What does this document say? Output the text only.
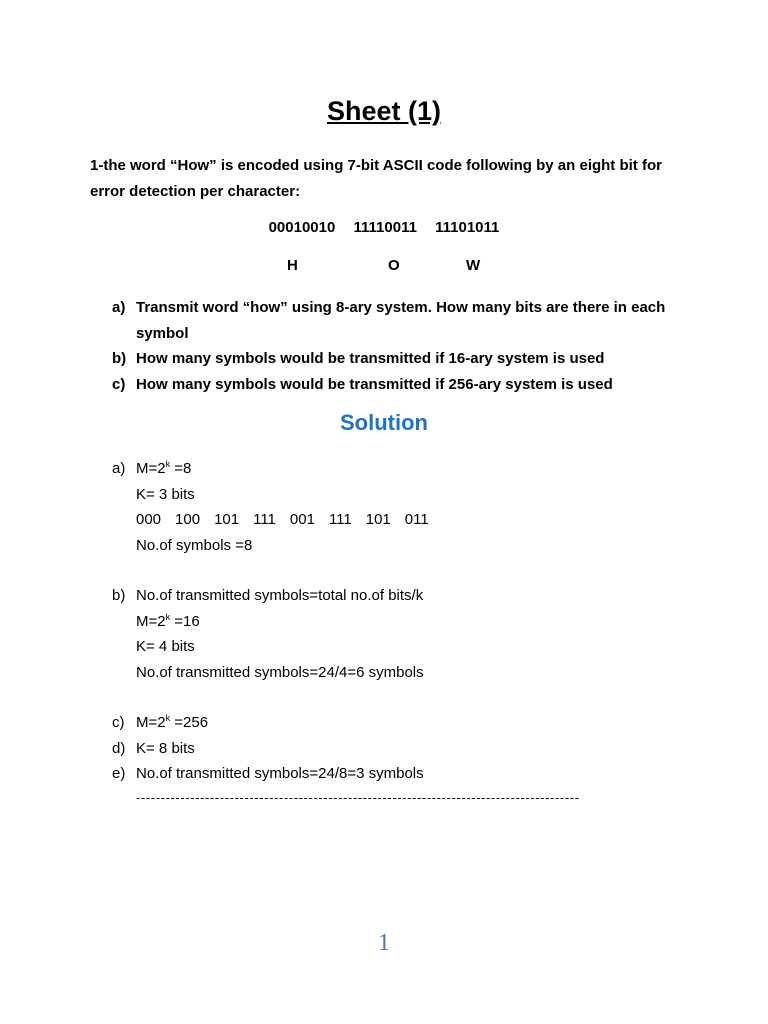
Sheet (1)

1-the word “How” is encoded using 7-bit ASCII code following by an eight bit for error detection per character:

00010010 11110011 11101011
H	O	W
a) Transmit word “how” using 8-ary system. How many bits are there in each symbol
b) How many symbols would be transmitted if 16-ary system is used
c) How many symbols would be transmitted if 256-ary system is used
Solution
a) $M=2^k =8$
K= 3 bits
000 100 101 111 001 111 101 011
No.of symbols =8
b) No.of transmitted symbols=total no.of bits/k
$M=2^k =16$
K= 4 bits
No.of transmitted symbols=24/4=6 symbols
c) $M=2^k =256$
d) K= 8 bits
e) No.of transmitted symbols=24/8=3 symbols
------------------------------------------------------------------------------------------
1
